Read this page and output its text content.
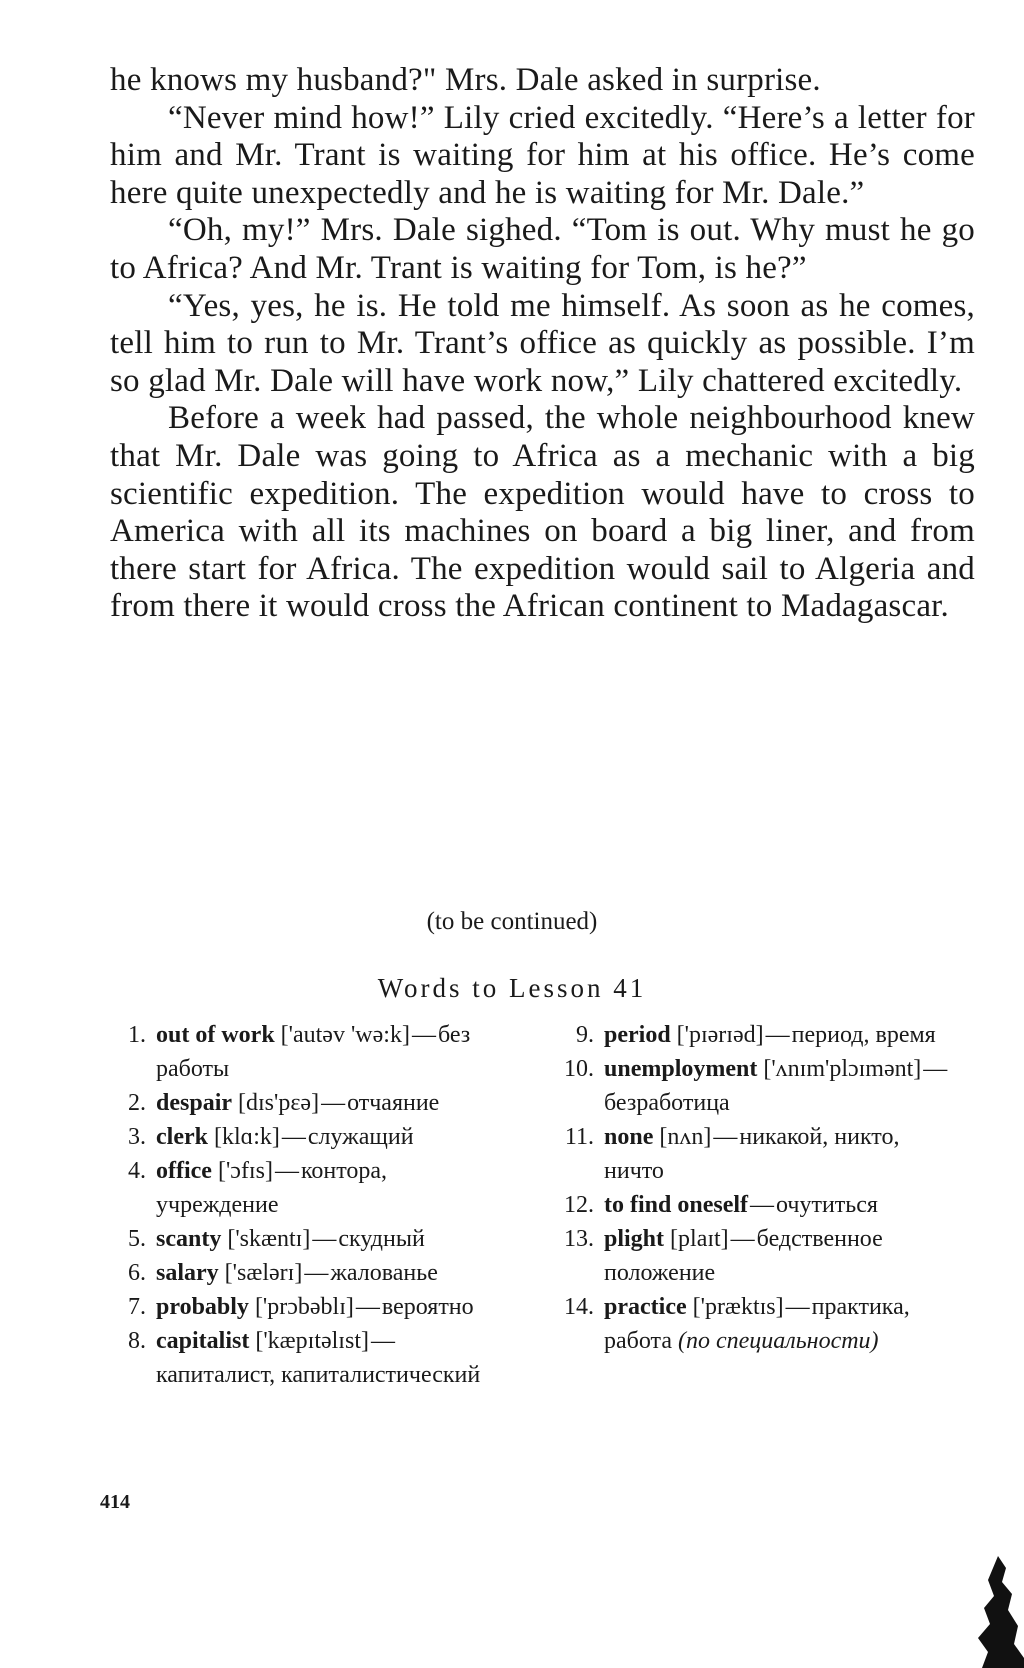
he knows my husband?" Mrs. Dale asked in surprise.

“Never mind how!” Lily cried excitedly. “Here’s a letter for him and Mr. Trant is waiting for him at his office. He’s come here quite unexpectedly and he is waiting for Mr. Dale.”

“Oh, my!” Mrs. Dale sighed. “Tom is out. Why must he go to Africa? And Mr. Trant is waiting for Tom, is he?”

“Yes, yes, he is. He told me himself. As soon as he comes, tell him to run to Mr. Trant’s office as quickly as possible. I’m so glad Mr. Dale will have work now,” Lily chattered excitedly.

Before a week had passed, the whole neighbourhood knew that Mr. Dale was going to Africa as a mechanic with a big scientific expedition. The expedition would have to cross to America with all its machines on board a big liner, and from there start for Africa. The expedition would sail to Algeria and from there it would cross the African continent to Madagascar.

(to be continued)
Words to Lesson 41
1. out of work ['autəv 'wə:k]—без работы
2. despair [dɪs'pɛə]—отчаяние
3. clerk [klɑ:k]—служащий
4. office ['ɔfɪs]—контора, учреждение
5. scanty ['skæntɪ]—скудный
6. salary ['sælərɪ]—жалованье
7. probably ['prɔbəblɪ]—вероятно
8. capitalist ['kæpɪtəlɪst]—капиталист, капиталистический
9. period ['pɪərɪəd]—период, время
10. unemployment ['ʌnɪm'plɔɪmənt]—безработица
11. none [nʌn]—никакой, никто, ничто
12. to find oneself—очутиться
13. plight [plaɪt]—бедственное положение
14. practice ['præktɪs]—практика, работа (по специальности)
414
